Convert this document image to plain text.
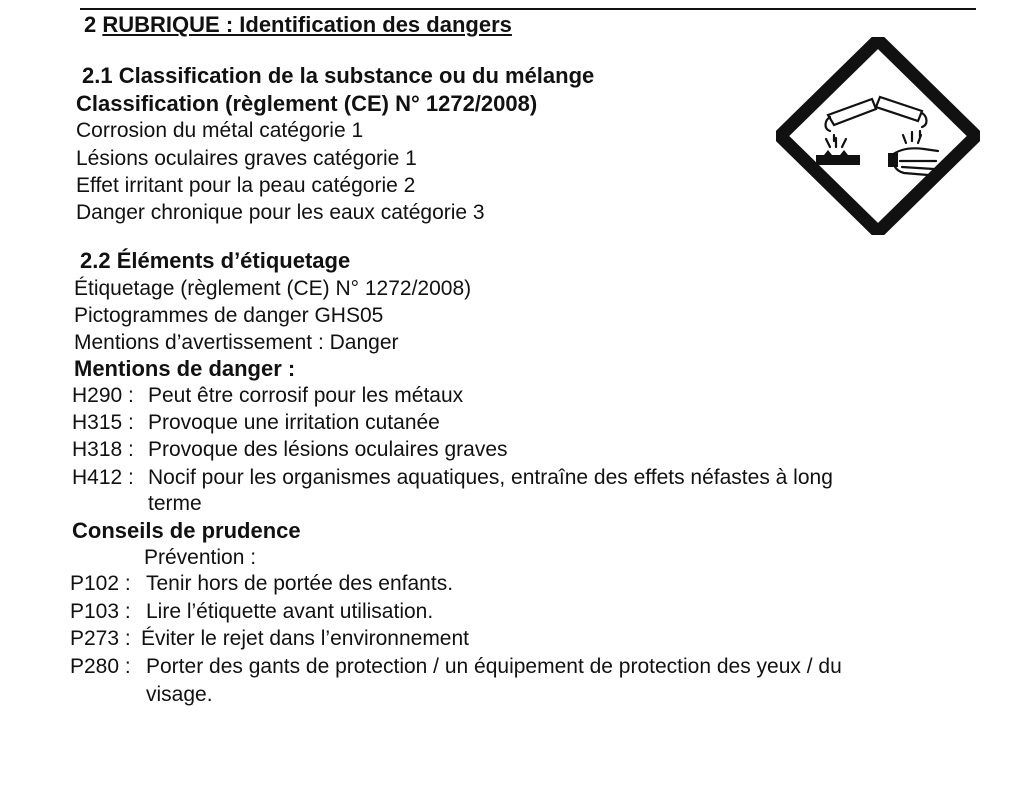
2 RUBRIQUE : Identification des dangers
2.1 Classification de la substance ou du mélange
Classification (règlement (CE) N° 1272/2008)
Corrosion du métal catégorie 1
Lésions oculaires graves catégorie 1
Effet irritant pour la peau catégorie 2
Danger chronique pour les eaux catégorie 3
2.2 Éléments d’étiquetage
Étiquetage (règlement (CE) N° 1272/2008)
Pictogrammes de danger GHS05
Mentions d’avertissement : Danger
Mentions de danger :
H290 : Peut être corrosif pour les métaux
H315 : Provoque une irritation cutanée
H318 : Provoque des lésions oculaires graves
H412 : Nocif pour les organismes aquatiques, entraîne des effets néfastes à long
terme
Conseils de prudence
Prévention :
P102 : Tenir hors de portée des enfants.
P103 : Lire l’étiquette avant utilisation.
P273 : Éviter le rejet dans l’environnement
P280 : Porter des gants de protection / un équipement de protection des yeux / du
visage.
